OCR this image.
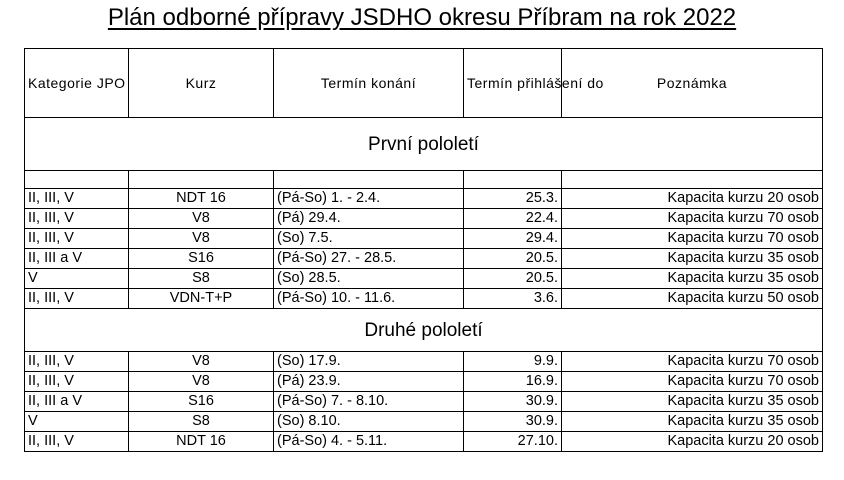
Plán odborné přípravy JSDHO okresu Příbram na rok 2022
Kategorie JPO	Kurz	Termín konání	Termín přihlášení do	Poznámka
První pololetí				

II, III, V	NDT 16	(Pá-So) 1. - 2.4.	25.3.	Kapacita kurzu 20 osob
II, III, V	V8	(Pá) 29.4.	22.4.	Kapacita kurzu 70 osob
II, III, V	V8	(So) 7.5.	29.4.	Kapacita kurzu 70 osob
II, III a V	S16	(Pá-So) 27. - 28.5.	20.5.	Kapacita kurzu 35 osob
V	S8	(So) 28.5.	20.5.	Kapacita kurzu 35 osob
II, III, V	VDN-T+P	(Pá-So) 10. - 11.6.	3.6.	Kapacita kurzu 50 osob
Druhé pololetí				
II, III, V	V8	(So) 17.9.	9.9.	Kapacita kurzu 70 osob
II, III, V	V8	(Pá) 23.9.	16.9.	Kapacita kurzu 70 osob
II, III a V	S16	(Pá-So) 7. - 8.10.	30.9.	Kapacita kurzu 35 osob
V	S8	(So) 8.10.	30.9.	Kapacita kurzu 35 osob
II, III, V	NDT 16	(Pá-So) 4. - 5.11.	27.10.	Kapacita kurzu 20 osob
